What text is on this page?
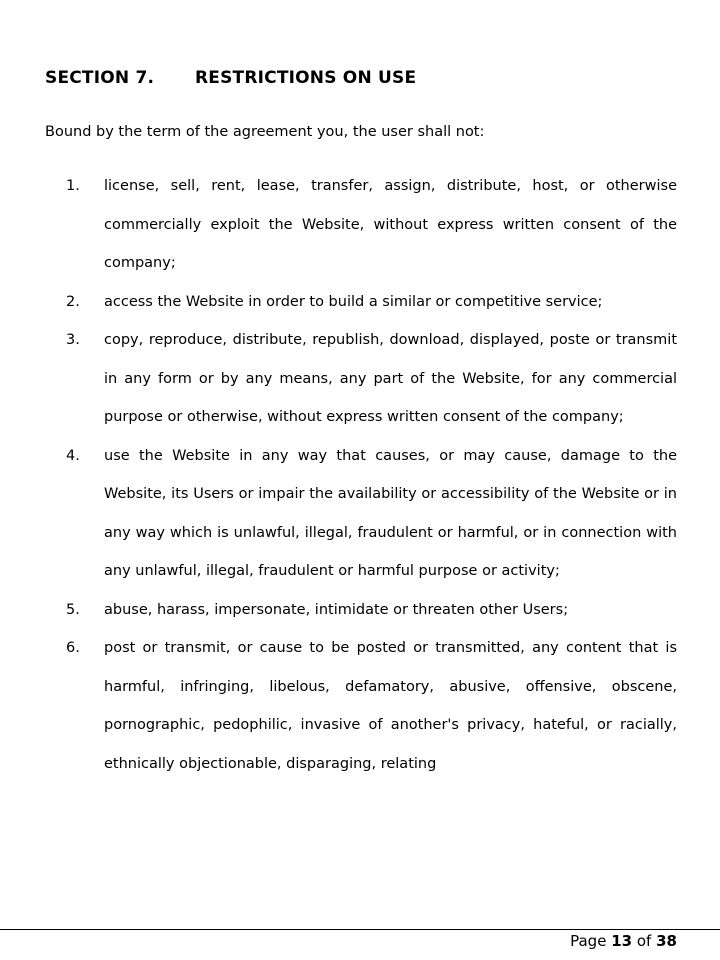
SECTION 7. RESTRICTIONS ON USE

Bound by the term of the agreement you, the user shall not:

1. license, sell, rent, lease, transfer, assign, distribute, host, or otherwise commercially exploit the Website, without express written consent of the company;
2. access the Website in order to build a similar or competitive service;
3. copy, reproduce, distribute, republish, download, displayed, poste or transmit in any form or by any means, any part of the Website, for any commercial purpose or otherwise, without express written consent of the company;
4. use the Website in any way that causes, or may cause, damage to the Website, its Users or impair the availability or accessibility of the Website or in any way which is unlawful, illegal, fraudulent or harmful, or in connection with any unlawful, illegal, fraudulent or harmful purpose or activity;
5. abuse, harass, impersonate, intimidate or threaten other Users;
6. post or transmit, or cause to be posted or transmitted, any content that is harmful, infringing, libelous, defamatory, abusive, offensive, obscene, pornographic, pedophilic, invasive of another's privacy, hateful, or racially, ethnically objectionable, disparaging, relating
Page 13 of 38
